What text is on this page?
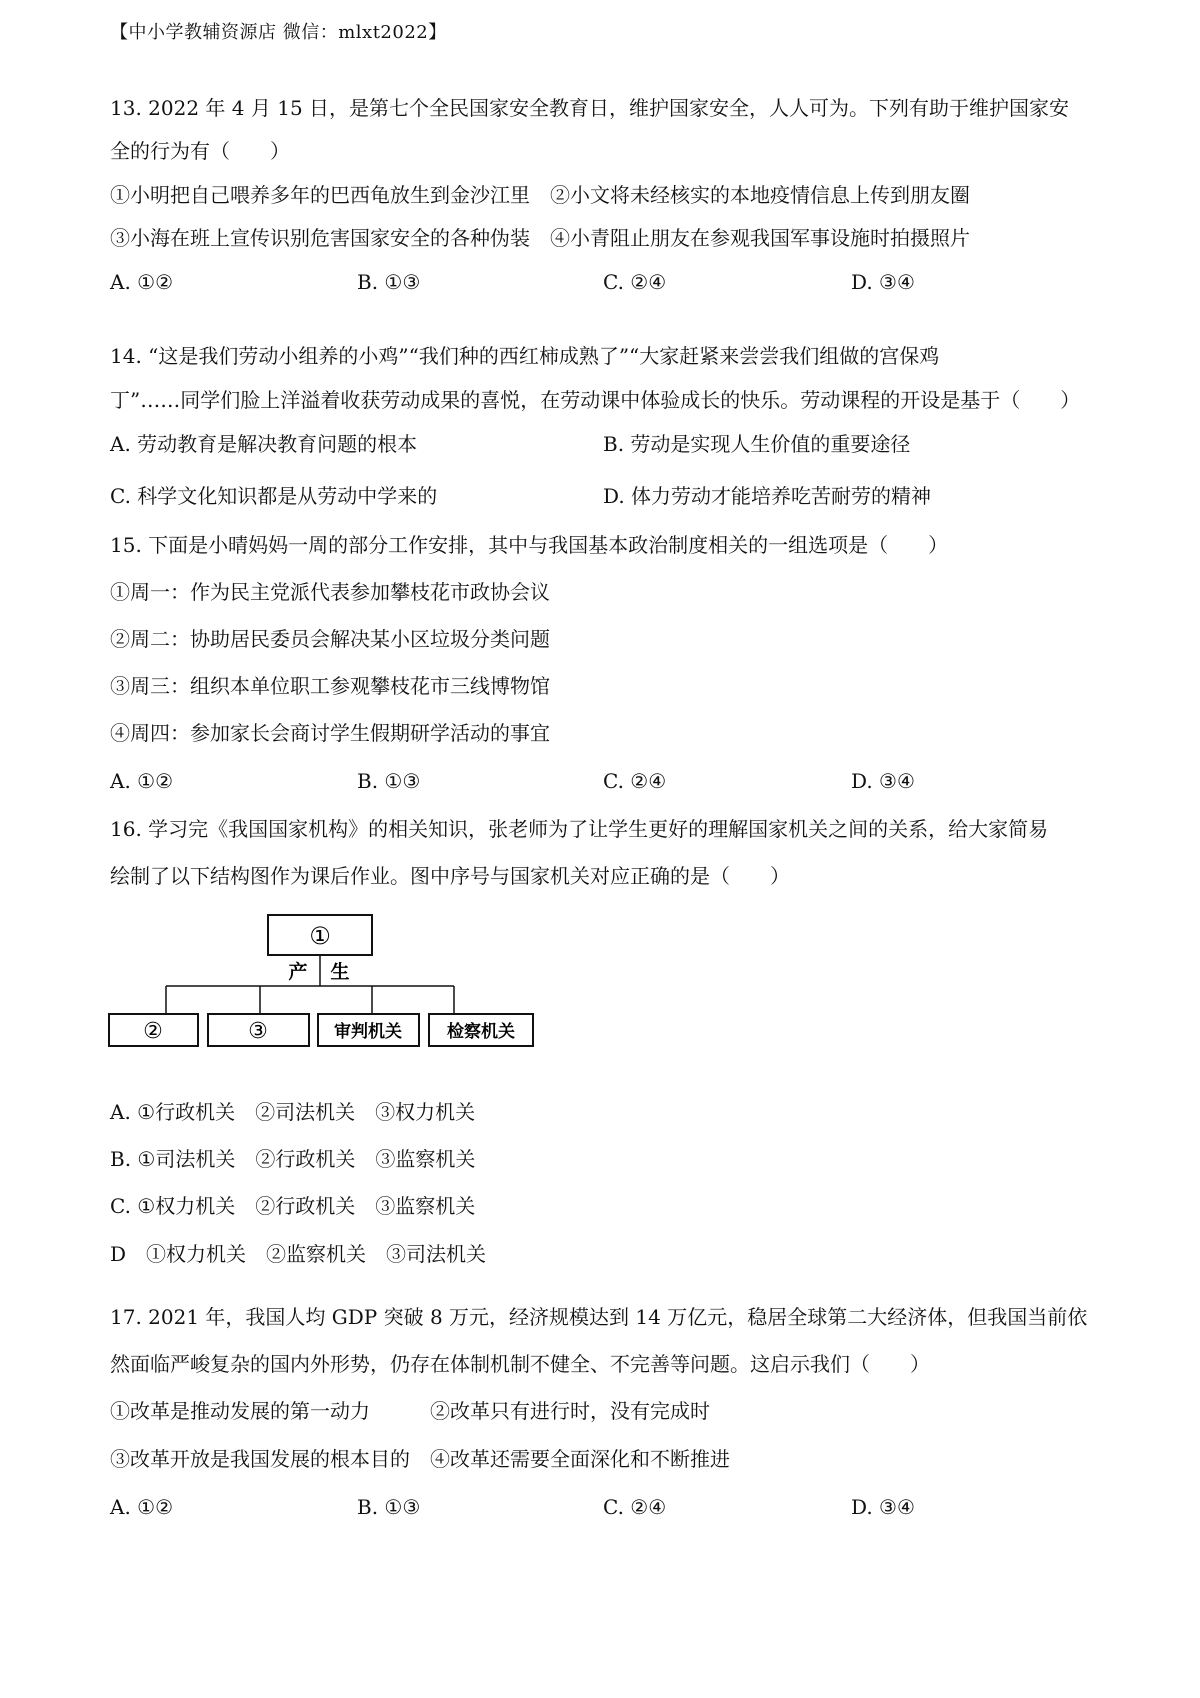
【中小学教辅资源店 微信：mlxt2022】
13. 2022 年 4 月 15 日，是第七个全民国家安全教育日，维护国家安全，人人可为。下列有助于维护国家安
全的行为有（　　）
①小明把自己喂养多年的巴西龟放生到金沙江里　②小文将未经核实的本地疫情信息上传到朋友圈
③小海在班上宣传识别危害国家安全的各种伪装　④小青阻止朋友在参观我国军事设施时拍摄照片
A. ①②	B. ①③	C. ②④	D. ③④
14. “这是我们劳动小组养的小鸡”“我们种的西红柿成熟了”“大家赶紧来尝尝我们组做的宫保鸡
丁”……同学们脸上洋溢着收获劳动成果的喜悦，在劳动课中体验成长的快乐。劳动课程的开设是基于（　　）
A. 劳动教育是解决教育问题的根本	B. 劳动是实现人生价值的重要途径
C. 科学文化知识都是从劳动中学来的	D. 体力劳动才能培养吃苦耐劳的精神
15. 下面是小晴妈妈一周的部分工作安排，其中与我国基本政治制度相关的一组选项是（　　）
①周一：作为民主党派代表参加攀枝花市政协会议
②周二：协助居民委员会解决某小区垃圾分类问题
③周三：组织本单位职工参观攀枝花市三线博物馆
④周四：参加家长会商讨学生假期研学活动的事宜
A. ①②	B. ①③	C. ②④	D. ③④
16. 学习完《我国国家机构》的相关知识，张老师为了让学生更好的理解国家机关之间的关系，给大家简易
绘制了以下结构图作为课后作业。图中序号与国家机关对应正确的是（　　）
①
产 生
②	③	审判机关	检察机关
A. ①行政机关　②司法机关　③权力机关
B. ①司法机关　②行政机关　③监察机关
C. ①权力机关　②行政机关　③监察机关
D　①权力机关　②监察机关　③司法机关
17. 2021 年，我国人均 GDP 突破 8 万元，经济规模达到 14 万亿元，稳居全球第二大经济体，但我国当前依
然面临严峻复杂的国内外形势，仍存在体制机制不健全、不完善等问题。这启示我们（　　）
①改革是推动发展的第一动力　　　②改革只有进行时，没有完成时
③改革开放是我国发展的根本目的　④改革还需要全面深化和不断推进
A. ①②	B. ①③	C. ②④	D. ③④
